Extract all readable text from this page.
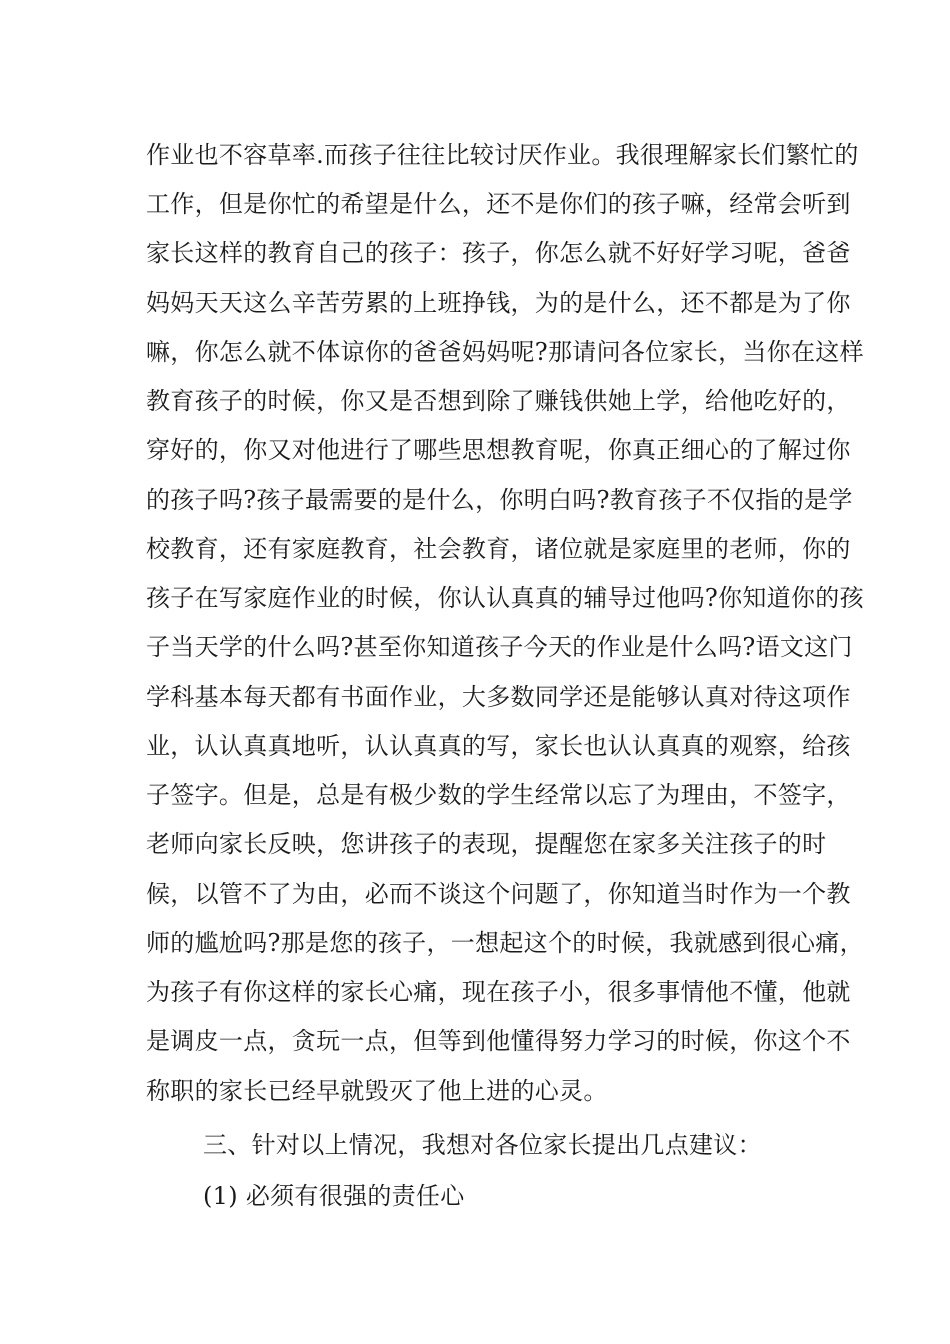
作业也不容草率.而孩子往往比较讨厌作业。我很理解家长们繁忙的

工作，但是你忙的希望是什么，还不是你们的孩子嘛，经常会听到

家长这样的教育自己的孩子：孩子，你怎么就不好好学习呢，爸爸

妈妈天天这么辛苦劳累的上班挣钱，为的是什么，还不都是为了你

嘛，你怎么就不体谅你的爸爸妈妈呢?那请问各位家长，当你在这样

教育孩子的时候，你又是否想到除了赚钱供她上学，给他吃好的，

穿好的，你又对他进行了哪些思想教育呢，你真正细心的了解过你

的孩子吗?孩子最需要的是什么，你明白吗?教育孩子不仅指的是学

校教育，还有家庭教育，社会教育，诸位就是家庭里的老师，你的

孩子在写家庭作业的时候，你认认真真的辅导过他吗?你知道你的孩

子当天学的什么吗?甚至你知道孩子今天的作业是什么吗?语文这门

学科基本每天都有书面作业，大多数同学还是能够认真对待这项作

业，认认真真地听，认认真真的写，家长也认认真真的观察，给孩

子签字。但是，总是有极少数的学生经常以忘了为理由，不签字，

老师向家长反映，您讲孩子的表现，提醒您在家多关注孩子的时

候，以管不了为由，必而不谈这个问题了，你知道当时作为一个教

师的尴尬吗?那是您的孩子，一想起这个的时候，我就感到很心痛，

为孩子有你这样的家长心痛，现在孩子小，很多事情他不懂，他就

是调皮一点，贪玩一点，但等到他懂得努力学习的时候，你这个不

称职的家长已经早就毁灭了他上进的心灵。

三、针对以上情况，我想对各位家长提出几点建议：

(1) 必须有很强的责任心
